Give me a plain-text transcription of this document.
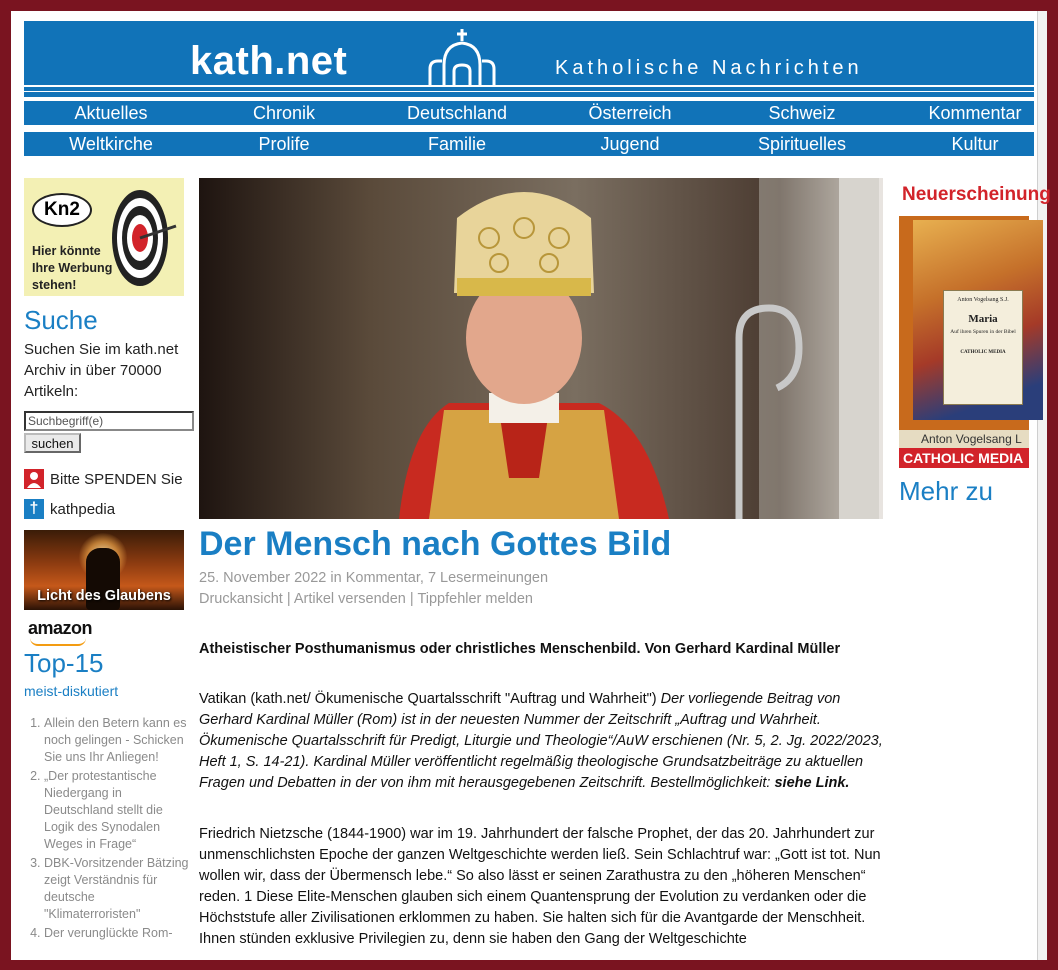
kath.net	Katholische Nachrichten
Aktuelles	Chronik	Deutschland	Österreich	Schweiz	Kommentar
Weltkirche	Prolife	Familie	Jugend	Spirituelles	Kultur
Kn2
Hier könnte Ihre Werbung stehen!
Suche
Suchen Sie im kath.net Archiv in über 70000 Artikeln:
Suchbegriff(e)
suchen
Bitte SPENDEN Sie
† kathpedia
Licht des Glaubens
amazon
Top-15
meist-diskutiert
1. Allein den Betern kann es noch gelingen - Schicken Sie uns Ihr Anliegen!
2. „Der protestantische Niedergang in Deutschland stellt die Logik des Synodalen Weges in Frage“
3. DBK-Vorsitzender Bätzing zeigt Verständnis für deutsche "Klimaterroristen"
4. Der verunglückte Rom-
Der Mensch nach Gottes Bild
25. November 2022 in Kommentar, 7 Lesermeinungen
Druckansicht | Artikel versenden | Tippfehler melden
Atheistischer Posthumanismus oder christliches Menschenbild. Von Gerhard Kardinal Müller
Vatikan (kath.net/ Ökumenische Quartalsschrift "Auftrag und Wahrheit") Der vorliegende Beitrag von Gerhard Kardinal Müller (Rom) ist in der neuesten Nummer der Zeitschrift „Auftrag und Wahrheit. Ökumenische Quartalsschrift für Predigt, Liturgie und Theologie“/AuW erschienen (Nr. 5, 2. Jg. 2022/2023, Heft 1, S. 14-21). Kardinal Müller veröffentlicht regelmäßig theologische Grundsatzbeiträge zu aktuellen Fragen und Debatten in der von ihm mit herausgegebenen Zeitschrift. Bestellmöglichkeit: siehe Link.
Friedrich Nietzsche (1844-1900) war im 19. Jahrhundert der falsche Prophet, der das 20. Jahrhundert zur unmenschlichsten Epoche der ganzen Weltgeschichte werden ließ. Sein Schlachtruf war: „Gott ist tot. Nun wollen wir, dass der Übermensch lebe.“ So also lässt er seinen Zarathustra zu den „höheren Menschen“ reden. 1 Diese Elite-Menschen glauben sich einem Quantensprung der Evolution zu verdanken oder die Höchststufe aller Zivilisationen erklommen zu haben. Sie halten sich für die Avantgarde der Menschheit. Ihnen stünden exklusive Privilegien zu, denn sie haben den Gang der Weltgeschichte
Neuerscheinung
Anton Vogelsang S.J.
Maria
Auf ihren Spuren in der Bibel
CATHOLIC MEDIA
Anton Vogelsang L
CATHOLIC MEDIA
Mehr zu
